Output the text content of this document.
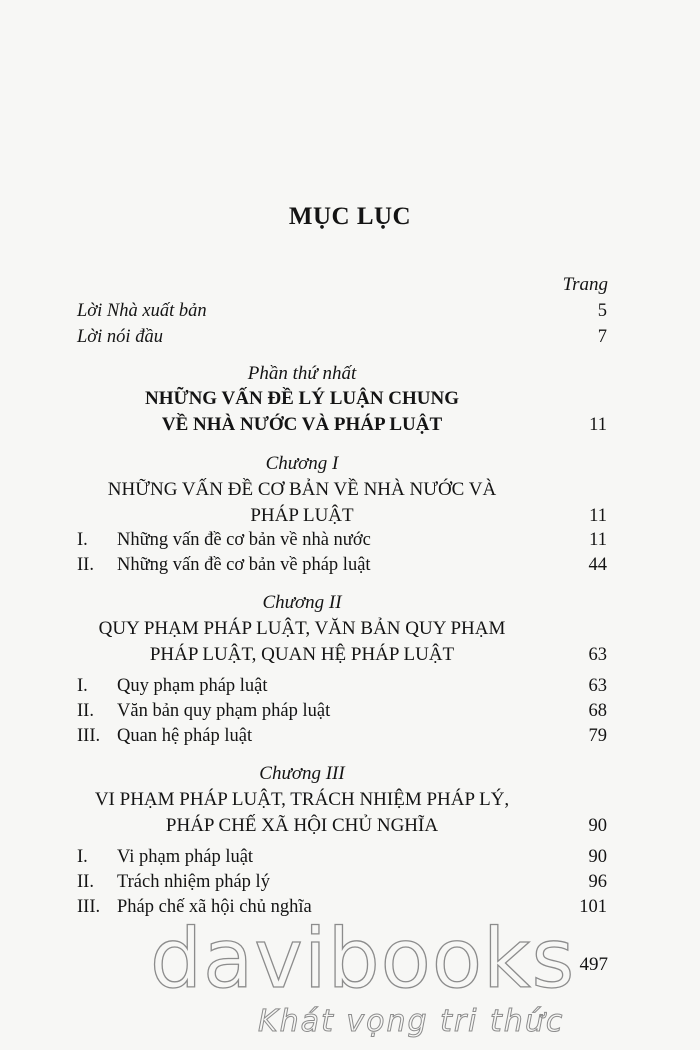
MỤC LỤC
Trang
Lời Nhà xuất bản	5
Lời nói đầu	7
Phần thứ nhất
NHỮNG VẤN ĐỀ LÝ LUẬN CHUNG
VỀ NHÀ NƯỚC VÀ PHÁP LUẬT	11
Chương I
NHỮNG VẤN ĐỀ CƠ BẢN VỀ NHÀ NƯỚC VÀ
PHÁP LUẬT	11
I.	Những vấn đề cơ bản về nhà nước	11
II.	Những vấn đề cơ bản về pháp luật	44
Chương II
QUY PHẠM PHÁP LUẬT, VĂN BẢN QUY PHẠM
PHÁP LUẬT, QUAN HỆ PHÁP LUẬT	63
I.	Quy phạm pháp luật	63
II.	Văn bản quy phạm pháp luật	68
III. Quan hệ pháp luật	79
Chương III
VI PHẠM PHÁP LUẬT, TRÁCH NHIỆM PHÁP LÝ,
PHÁP CHẾ XÃ HỘI CHỦ NGHĨA	90
I.	Vi phạm pháp luật	90
II.	Trách nhiệm pháp lý	96
III. Pháp chế xã hội chủ nghĩa	101
497
davibooks
Khát vọng tri thức
